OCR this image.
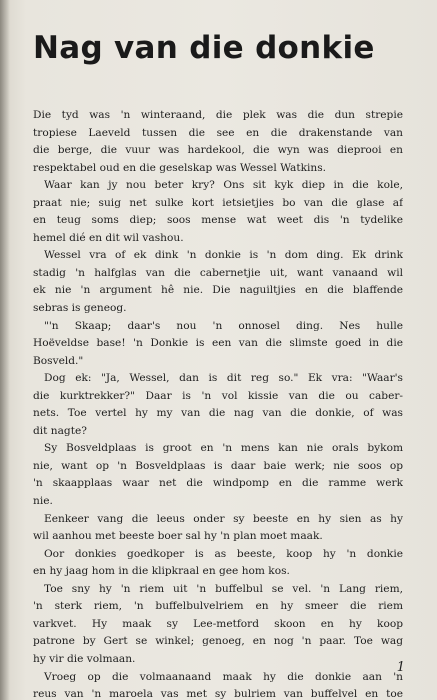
Nag van die donkie
Die tyd was 'n winteraand, die plek was die dun strepie
tropiese Laeveld tussen die see en die drakenstande van
die berge, die vuur was hardekool, die wyn was dieprooi en
respektabel oud en die geselskap was Wessel Watkins.
Waar kan jy nou beter kry? Ons sit kyk diep in die kole,
praat nie; suig net sulke kort ietsietjies bo van die glase af
en teug soms diep; soos mense wat weet dis 'n tydelike
hemel dié en dit wil vashou.
Wessel vra of ek dink 'n donkie is 'n dom ding. Ek drink
stadig 'n halfglas van die cabernetjie uit, want vanaand wil
ek nie 'n argument hê nie. Die naguiltjies en die blaffende
sebras is geneog.
"'n Skaap; daar's nou 'n onnosel ding. Nes hulle
Hoëveldse base! 'n Donkie is een van die slimste goed in die
Bosveld."
Dog ek: "Ja, Wessel, dan is dit reg so." Ek vra: "Waar's
die kurktrekker?" Daar is 'n vol kissie van die ou caber-
nets. Toe vertel hy my van die nag van die donkie, of was
dit nagte?
Sy Bosveldplaas is groot en 'n mens kan nie orals bykom
nie, want op 'n Bosveldplaas is daar baie werk; nie soos op
'n skaapplaas waar net die windpomp en die ramme werk
nie.
Eenkeer vang die leeus onder sy beeste en hy sien as hy
wil aanhou met beeste boer sal hy 'n plan moet maak.
Oor donkies goedkoper is as beeste, koop hy 'n donkie
en hy jaag hom in die klipkraal en gee hom kos.
Toe sny hy 'n riem uit 'n buffelbul se vel. 'n Lang riem,
'n sterk riem, 'n buffelbulvelriem en hy smeer die riem
varkvet. Hy maak sy Lee-metford skoon en hy koop
patrone by Gert se winkel; genoeg, en nog 'n paar. Toe wag
hy vir die volmaan.
Vroeg op die volmaanaand maak hy die donkie aan 'n
reus van 'n maroela vas met sy bulriem van buffelvel en toe
1
